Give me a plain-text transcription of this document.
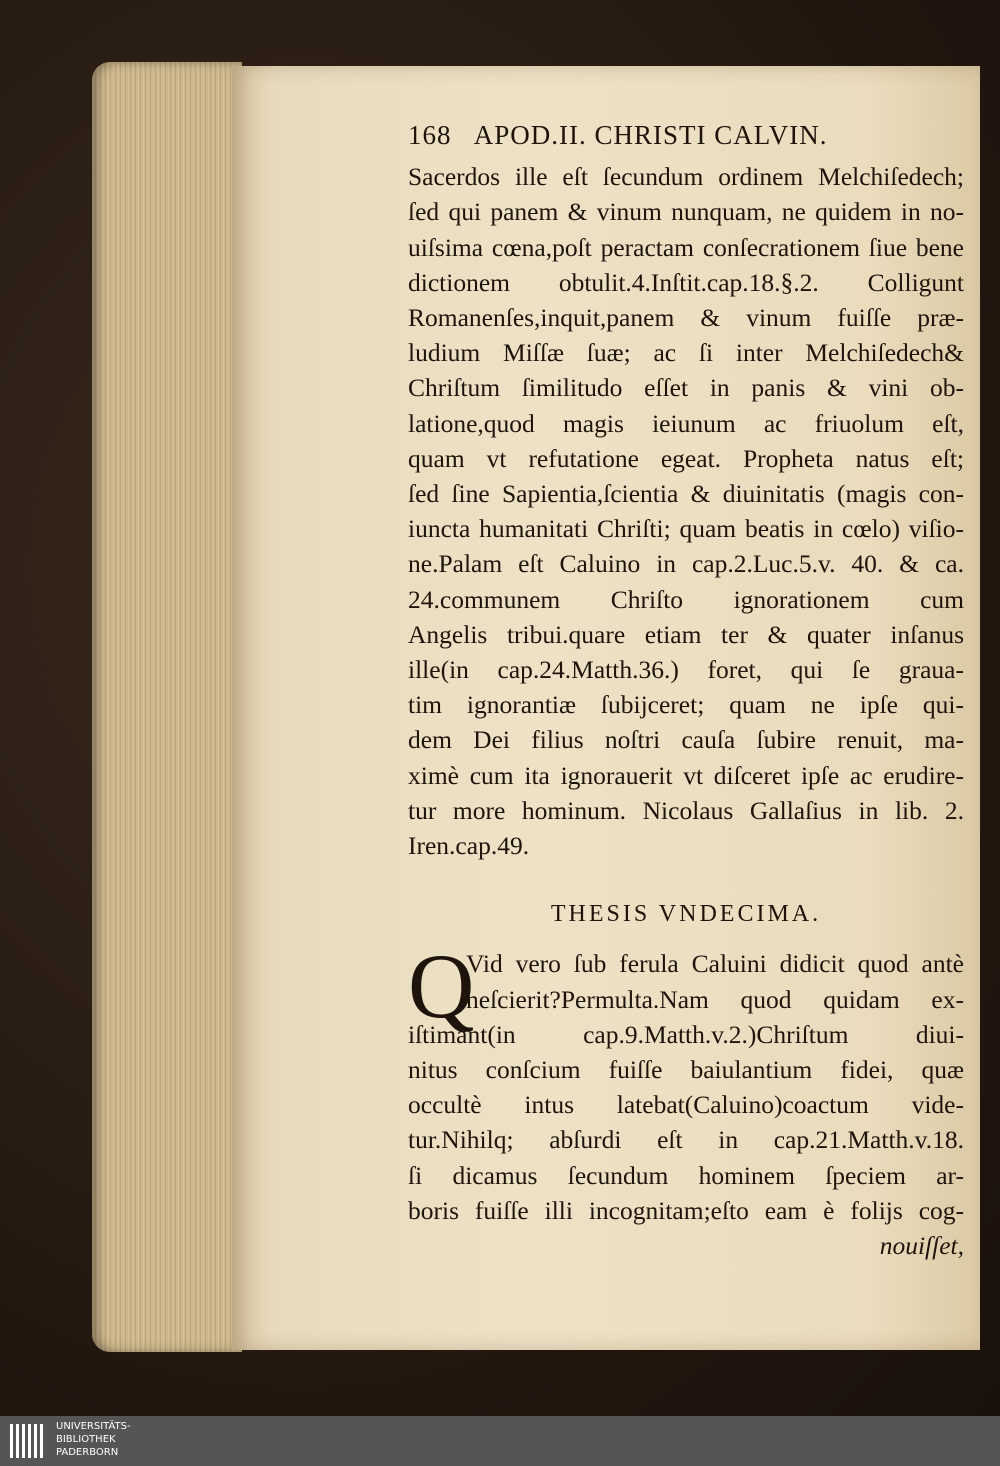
168 APOD.II. CHRISTI CALVIN.
Sacerdos ille eſt ſecundum ordinem Melchiſedech;
ſed qui panem & vinum nunquam, ne quidem in no-
uiſsima cœna,poſt peractam conſecrationem ſiue bene
dictionem obtulit.4.Inſtit.cap.18.§.2. Colligunt
Romanenſes,inquit,panem & vinum fuiſſe præ-
ludium Miſſæ ſuæ; ac ſi inter Melchiſedech&
Chriſtum ſimilitudo eſſet in panis & vini ob-
latione,quod magis ieiunum ac friuolum eſt,
quam vt refutatione egeat. Propheta natus eſt;
ſed ſine Sapientia,ſcientia & diuinitatis (magis con-
iuncta humanitati Chriſti; quam beatis in cœlo) viſio-
ne.Palam eſt Caluino in cap.2.Luc.5.v. 40. & ca.
24.communem Chriſto ignorationem cum
Angelis tribui.quare etiam ter & quater inſanus
ille(in cap.24.Matth.36.) foret, qui ſe graua-
tim ignorantiæ ſubijceret; quam ne ipſe qui-
dem Dei filius noſtri cauſa ſubire renuit, ma-
ximè cum ita ignorauerit vt diſceret ipſe ac erudire-
tur more hominum. Nicolaus Gallaſius in lib. 2.
Iren.cap.49.
THESIS VNDECIMA.
Q
Vid vero ſub ferula Caluini didicit quod antè
neſcierit?Permulta.Nam quod quidam ex-
iſtimant(in cap.9.Matth.v.2.)Chriſtum diui-
nitus conſcium fuiſſe baiulantium fidei, quæ
occultè intus latebat(Caluino)coactum vide-
tur.Nihilq; abſurdi eſt in cap.21.Matth.v.18.
ſi dicamus ſecundum hominem ſpeciem ar-
boris fuiſſe illi incognitam;eſto eam è folijs cog-
nouiſſet,
UNIVERSITÄTS-
BIBLIOTHEK
PADERBORN
